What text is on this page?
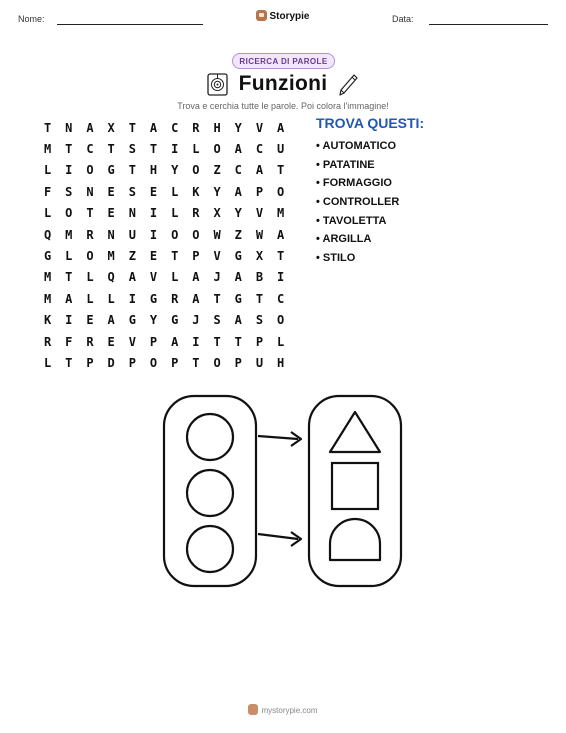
Nome:	Storypie	Data:
RICERCA DI PAROLE
Funzioni
Trova e cerchia tutte le parole. Poi colora l'immagine!
T	N	A	X	T	A	C	R	H	Y	V	A
M	T	C	T	S	T	I	L	O	A	C	U
L	I	O	G	T	H	Y	O	Z	C	A	T
F	S	N	E	S	E	L	K	Y	A	P	O
L	O	T	E	N	I	L	R	X	Y	V	M
Q	M	R	N	U	I	O	O	W	Z	W	A
G	L	O	M	Z	E	T	P	V	G	X	T
M	T	L	Q	A	V	L	A	J	A	B	I
M	A	L	L	I	G	R	A	T	G	T	C
K	I	E	A	G	Y	G	J	S	A	S	O
R	F	R	E	V	P	A	I	T	T	P	L
L	T	P	D	P	O	P	T	O	P	U	H
TROVA QUESTI:
• AUTOMATICO
• PATATINE
• FORMAGGIO
• CONTROLLER
• TAVOLETTA
• ARGILLA
• STILO
mystorypie.com
